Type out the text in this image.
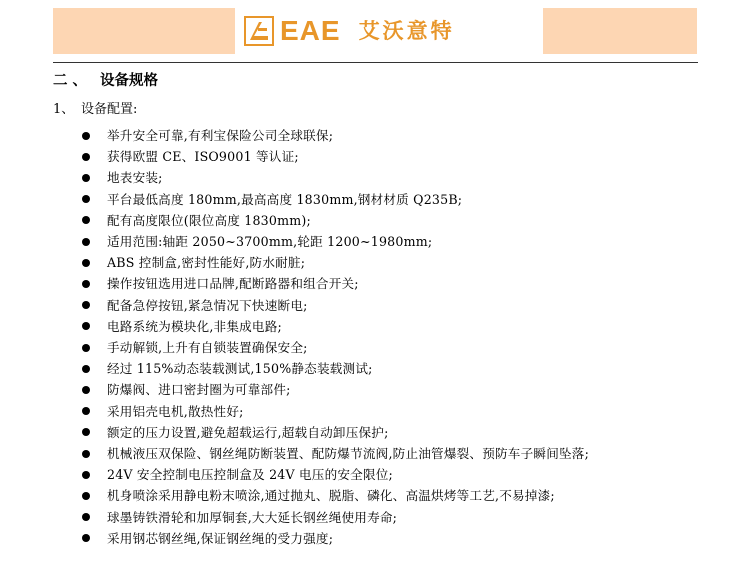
EAE 艾沃意特
二 、 设备规格
1、 设备配置:
举升安全可靠,有利宝保险公司全球联保;
获得欧盟 CE、ISO9001 等认证;
地表安装;
平台最低高度 180mm,最高高度 1830mm,钢材材质 Q235B;
配有高度限位(限位高度 1830mm);
适用范围:轴距 2050~3700mm,轮距 1200~1980mm;
ABS 控制盒,密封性能好,防水耐脏;
操作按钮选用进口品牌,配断路器和组合开关;
配备急停按钮,紧急情况下快速断电;
电路系统为模块化,非集成电路;
手动解锁,上升有自锁装置确保安全;
经过 115%动态装载测试,150%静态装载测试;
防爆阀、进口密封圈为可靠部件;
采用铝壳电机,散热性好;
额定的压力设置,避免超载运行,超载自动卸压保护;
机械液压双保险、钢丝绳防断装置、配防爆节流阀,防止油管爆裂、预防车子瞬间坠落;
24V 安全控制电压控制盒及 24V 电压的安全限位;
机身喷涂采用静电粉末喷涂,通过抛丸、脱脂、磷化、高温烘烤等工艺,不易掉漆;
球墨铸铁滑轮和加厚铜套,大大延长钢丝绳使用寿命;
采用钢芯钢丝绳,保证钢丝绳的受力强度;
